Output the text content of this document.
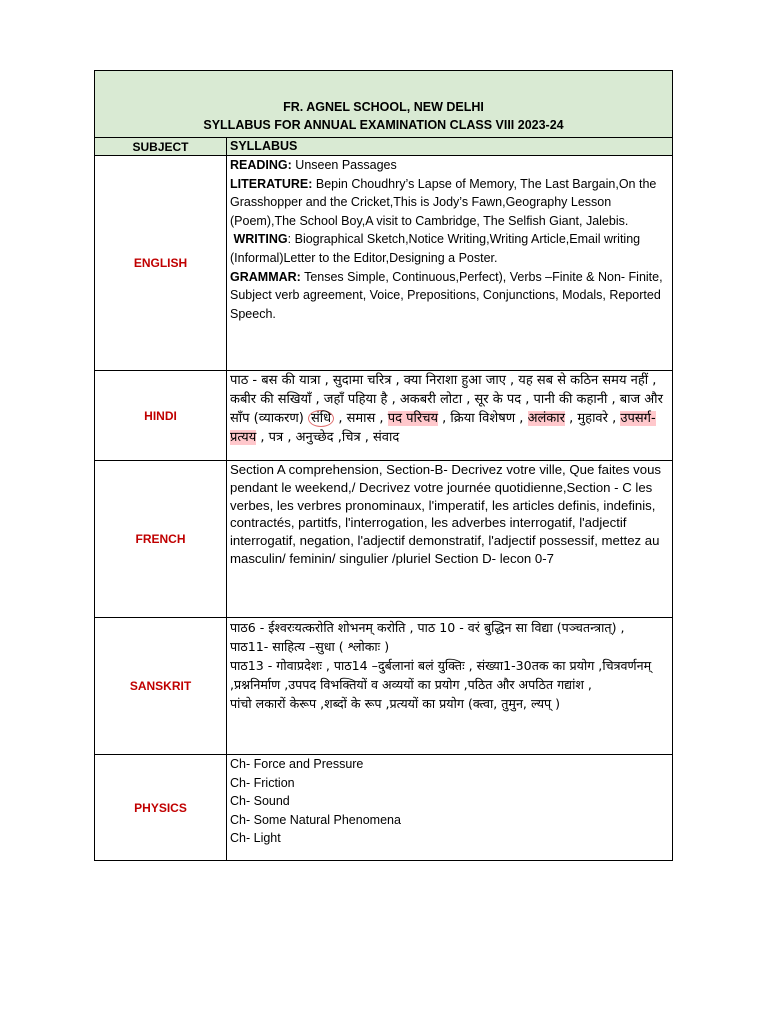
FR. AGNEL SCHOOL, NEW DELHI
SYLLABUS FOR ANNUAL EXAMINATION CLASS VIII 2023-24
SUBJECT	SYLLABUS
ENGLISH
READING: Unseen Passages
LITERATURE: Bepin Choudhry’s Lapse of Memory, The Last Bargain,On the Grasshopper and the Cricket,This is Jody’s Fawn,Geography Lesson (Poem),The School Boy,A visit to Cambridge, The Selfish Giant, Jalebis.
WRITING: Biographical Sketch,Notice Writing,Writing Article,Email writing (Informal)Letter to the Editor,Designing a Poster.
GRAMMAR: Tenses Simple, Continuous,Perfect), Verbs –Finite & Non- Finite, Subject verb agreement, Voice, Prepositions, Conjunctions, Modals, Reported Speech.
HINDI
पाठ - बस की यात्रा , सुदामा चरित्र , क्या निराशा हुआ जाए , यह सब से कठिन समय नहीं , कबीर की सखियाँ , जहाँ पहिया है , अकबरी लोटा , सूर के पद , पानी की कहानी , बाज और साँप (व्याकरण) संधि , समास , पद परिचय , क्रिया विशेषण , अलंकार , मुहावरे , उपसर्ग-प्रत्यय , पत्र , अनुच्छेद ,चित्र , संवाद
FRENCH
Section A comprehension, Section-B- Decrivez votre ville, Que faites vous pendant le weekend,/ Decrivez votre journée quotidienne,Section - C les verbes, les verbres pronominaux, l'imperatif, les articles definis, indefinis, contractés, partitfs, l'interrogation, les adverbes interrogatif, l'adjectif interrogatif, negation, l'adjectif demonstratif, l'adjectif possessif, mettez au masculin/ feminin/ singulier /pluriel Section D- lecon 0-7
SANSKRIT
पाठ6 - ईश्वरःयत्करोति शोभनम् करोति , पाठ 10 - वरं बुद्धिन सा विद्या (पञ्चतन्त्रात्) ,
पाठ11- साहित्य –सुधा ( श्लोकाः )
पाठ13 - गोवाप्रदेशः , पाठ14 –दुर्बलानां बलं युक्तिः , संख्या1-30तक का प्रयोग ,चित्रवर्णनम् ,प्रश्ननिर्माण ,उपपद विभक्तियों व अव्ययों का प्रयोग ,पठित और अपठित गद्यांश ,
पांचो लकारों केरूप ,शब्दों के रूप ,प्रत्ययों का प्रयोग (क्त्वा, तुमुन, ल्यप् )
PHYSICS
Ch- Force and Pressure
Ch- Friction
Ch- Sound
Ch- Some Natural Phenomena
Ch- Light
